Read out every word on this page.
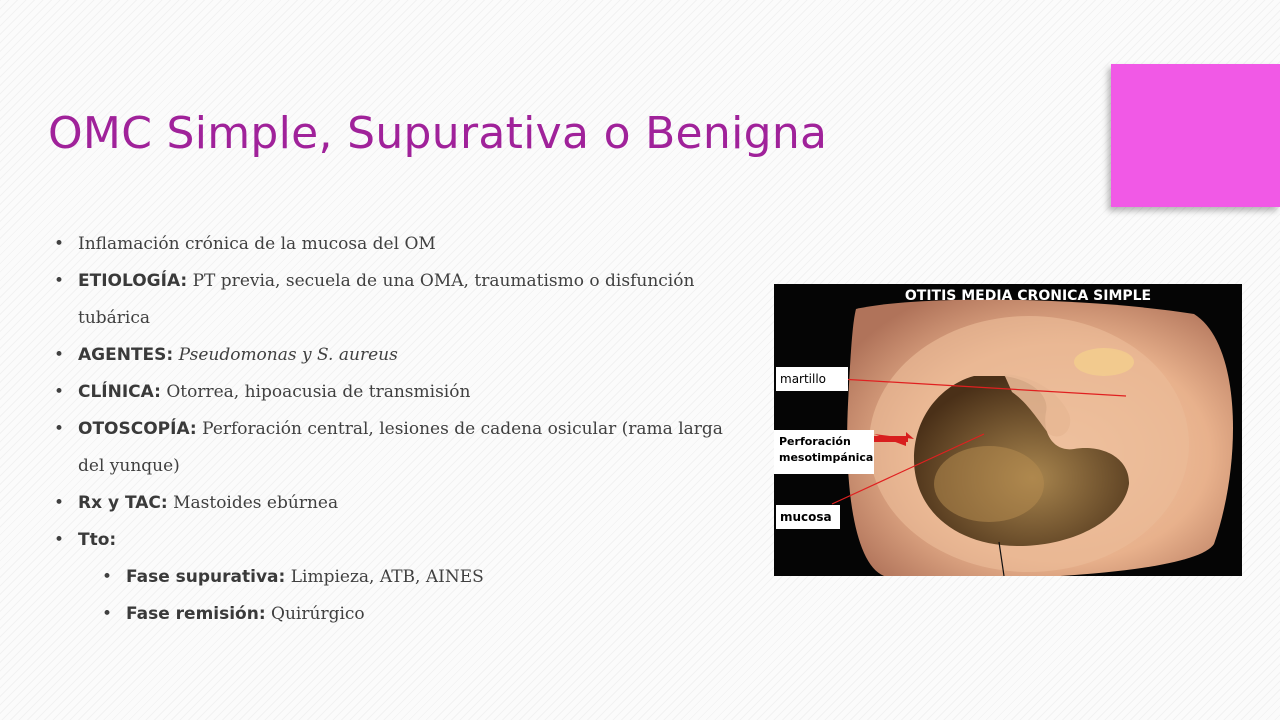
OMC Simple, Supurativa o Benigna
• Inflamación crónica de la mucosa del OM
• ETIOLOGÍA: PT previa, secuela de una OMA, traumatismo o disfunción tubárica
• AGENTES: Pseudomonas y S. aureus
• CLÍNICA: Otorrea, hipoacusia de transmisión
• OTOSCOPÍA: Perforación central, lesiones de cadena osicular (rama larga del yunque)
• Rx y TAC: Mastoides ebúrnea
• Tto:
• Fase supurativa: Limpieza, ATB, AINES
• Fase remisión: Quirúrgico
OTITIS MEDIA CRONICA SIMPLE
martillo
Perforación
mesotimpánica
mucosa
